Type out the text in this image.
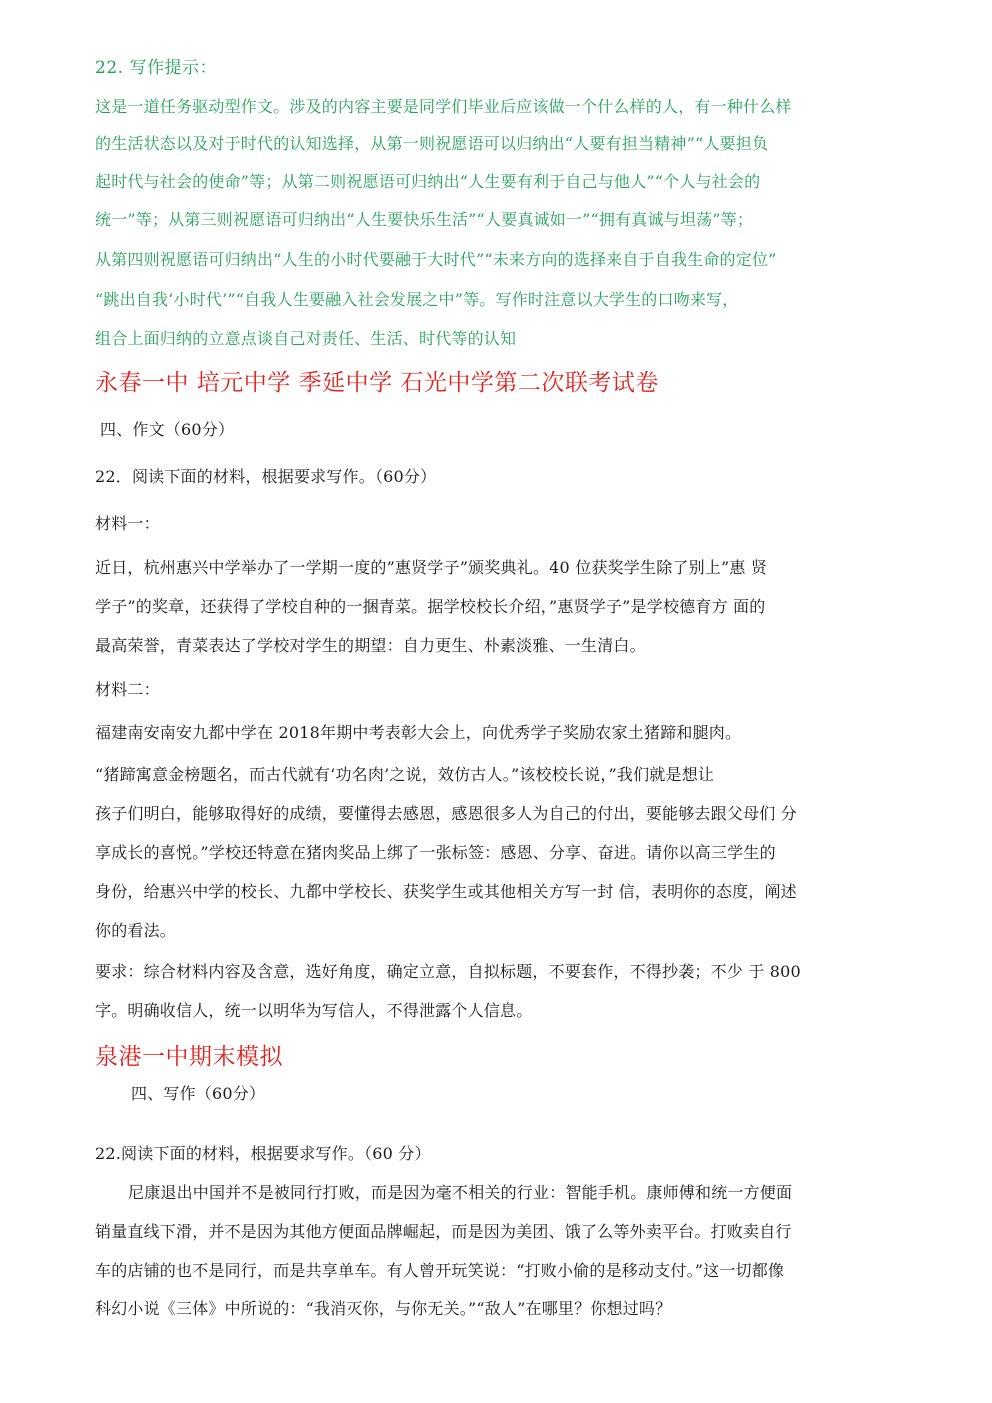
22. 写作提示：
这是一道任务驱动型作文。涉及的内容主要是同学们毕业后应该做一个什么样的人，有一种什么样
的生活状态以及对于时代的认知选择，从第一则祝愿语可以归纳出“人要有担当精神”“人要担负
起时代与社会的使命”等；从第二则祝愿语可归纳出“人生要有利于自己与他人”“个人与社会的
统一”等；从第三则祝愿语可归纳出“人生要快乐生活”“人要真诚如一”“拥有真诚与坦荡”等；
从第四则祝愿语可归纳出“人生的小时代要融于大时代”“未来方向的选择来自于自我生命的定位”
“跳出自我‘小时代’”“自我人生要融入社会发展之中”等。写作时注意以大学生的口吻来写，
组合上面归纳的立意点谈自己对责任、生活、时代等的认知
永春一中 培元中学 季延中学 石光中学第二次联考试卷
四、作文（60分）
22．阅读下面的材料，根据要求写作。（60分）
材料一：
近日，杭州惠兴中学举办了一学期一度的”惠贤学子”颁奖典礼。40 位获奖学生除了别上”惠 贤
学子”的奖章，还获得了学校自种的一捆青菜。据学校校长介绍，”惠贤学子”是学校德育方 面的
最高荣誉，青菜表达了学校对学生的期望：自力更生、朴素淡雅、一生清白。
材料二：
福建南安南安九都中学在 2018年期中考表彰大会上，向优秀学子奖励农家土猪蹄和腿肉。
“猪蹄寓意金榜题名，而古代就有‘功名肉’之说，效仿古人。”该校校长说，”我们就是想让
孩子们明白，能够取得好的成绩，要懂得去感恩，感恩很多人为自己的付出，要能够去跟父母们 分
享成长的喜悦。”学校还特意在猪肉奖品上绑了一张标签：感恩、分享、奋进。请你以高三学生的
身份，给惠兴中学的校长、九都中学校长、获奖学生或其他相关方写一封 信，表明你的态度，阐述
你的看法。
要求：综合材料内容及含意，选好角度，确定立意，自拟标题，不要套作，不得抄袭；不少 于 800
字。明确收信人，统一以明华为写信人，不得泄露个人信息。
泉港一中期末模拟
四、写作（60分）
22.阅读下面的材料，根据要求写作。（60 分）
尼康退出中国并不是被同行打败，而是因为毫不相关的行业：智能手机。康师傅和统一方便面
销量直线下滑，并不是因为其他方便面品牌崛起，而是因为美团、饿了么等外卖平台。打败卖自行
车的店铺的也不是同行，而是共享单车。有人曾开玩笑说：“打败小偷的是移动支付。”这一切都像
科幻小说《三体》中所说的：“我消灭你，与你无关。”“敌人”在哪里？你想过吗？
